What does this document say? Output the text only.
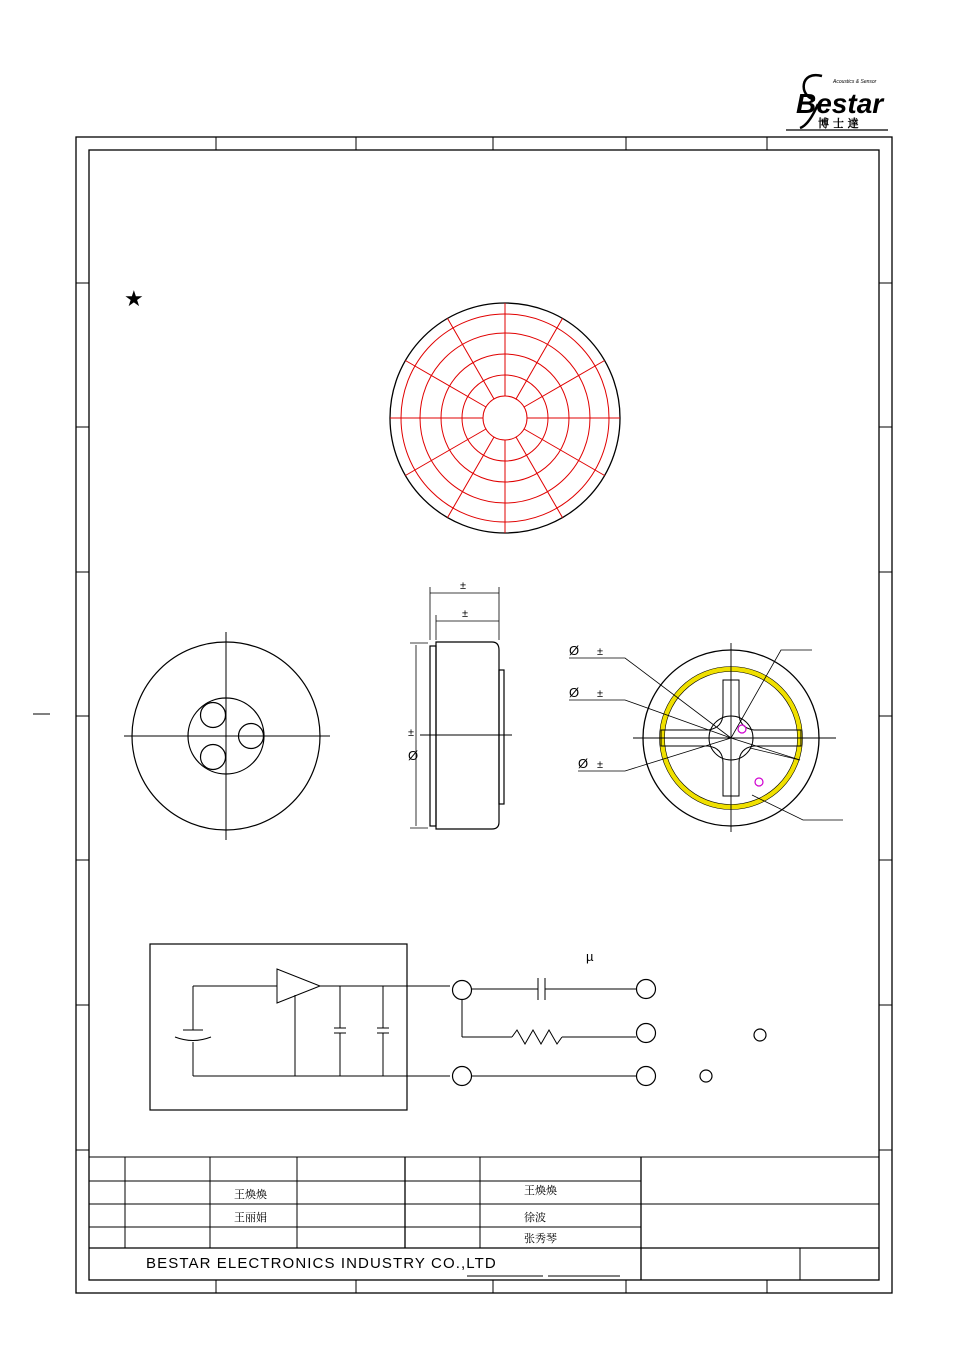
Bestar
Acoustics & Sensor
博 士 達
★
±
±
Ø
±
Ø ±
Ø ±
Ø ±
µ
王煥煥
王丽娟
王煥煥
徐波
张秀琴
BESTAR ELECTRONICS INDUSTRY CO.,LTD
